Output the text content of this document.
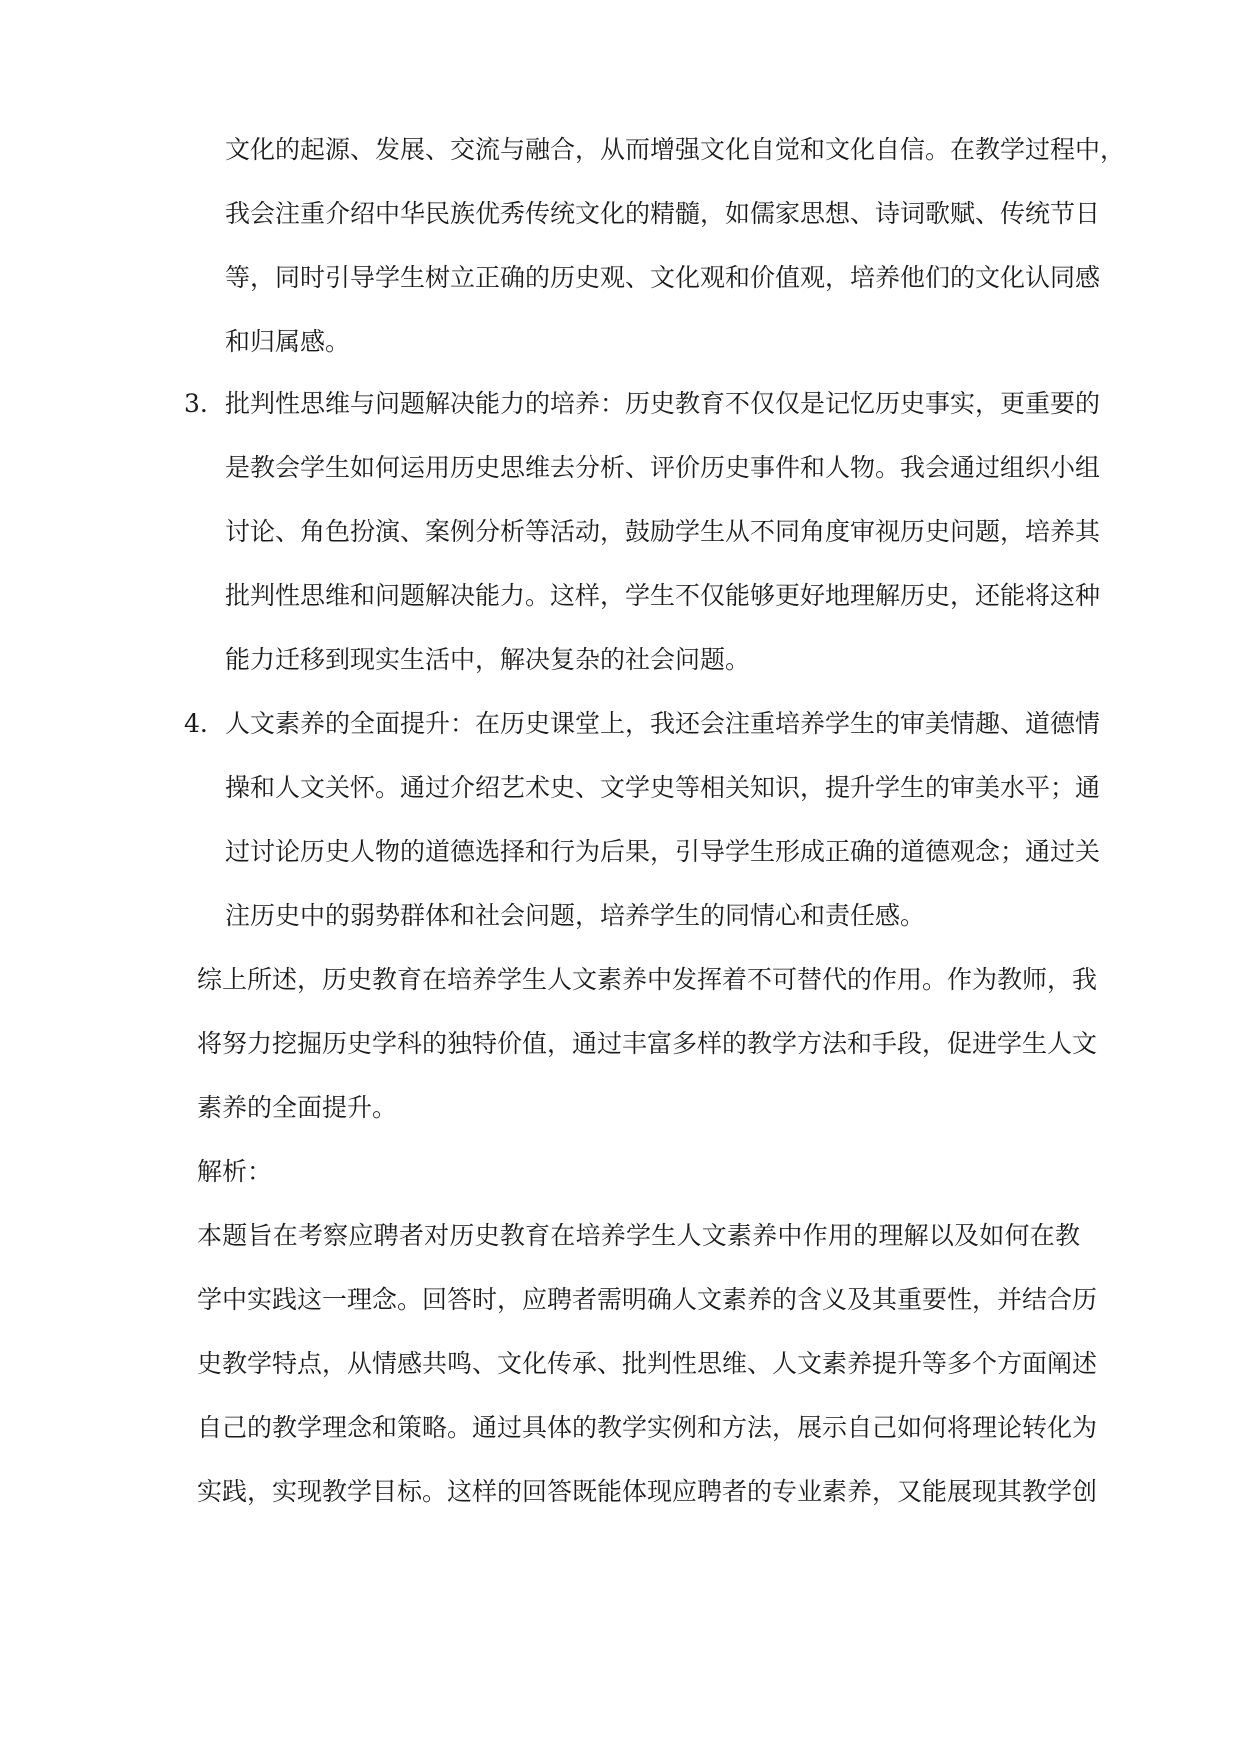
文化的起源、发展、交流与融合，从而增强文化自觉和文化自信。在教学过程中，
我会注重介绍中华民族优秀传统文化的精髓，如儒家思想、诗词歌赋、传统节日
等，同时引导学生树立正确的历史观、文化观和价值观，培养他们的文化认同感
和归属感。
3. 批判性思维与问题解决能力的培养：历史教育不仅仅是记忆历史事实，更重要的
是教会学生如何运用历史思维去分析、评价历史事件和人物。我会通过组织小组
讨论、角色扮演、案例分析等活动，鼓励学生从不同角度审视历史问题，培养其
批判性思维和问题解决能力。这样，学生不仅能够更好地理解历史，还能将这种
能力迁移到现实生活中，解决复杂的社会问题。
4. 人文素养的全面提升：在历史课堂上，我还会注重培养学生的审美情趣、道德情
操和人文关怀。通过介绍艺术史、文学史等相关知识，提升学生的审美水平；通
过讨论历史人物的道德选择和行为后果，引导学生形成正确的道德观念；通过关
注历史中的弱势群体和社会问题，培养学生的同情心和责任感。
综上所述，历史教育在培养学生人文素养中发挥着不可替代的作用。作为教师，我
将努力挖掘历史学科的独特价值，通过丰富多样的教学方法和手段，促进学生人文
素养的全面提升。
解析：
本题旨在考察应聘者对历史教育在培养学生人文素养中作用的理解以及如何在教
学中实践这一理念。回答时，应聘者需明确人文素养的含义及其重要性，并结合历
史教学特点，从情感共鸣、文化传承、批判性思维、人文素养提升等多个方面阐述
自己的教学理念和策略。通过具体的教学实例和方法，展示自己如何将理论转化为
实践，实现教学目标。这样的回答既能体现应聘者的专业素养，又能展现其教学创
